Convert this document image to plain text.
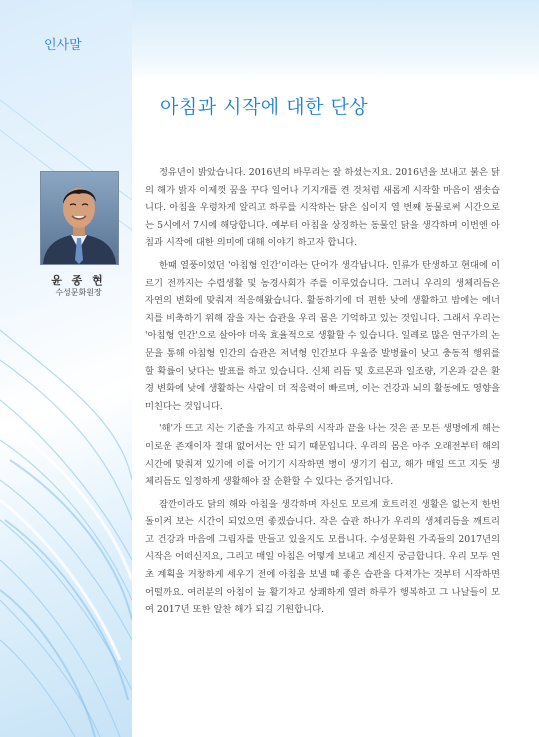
인사말
아침과 시작에 대한 단상
윤 종 현
수성문화원장

정유년이 밝았습니다. 2016년의 바무리는 잘 하셨는지요. 2016년을 보내고 붉은 닭의 해가 밝자 이제껏 꿈을 꾸다 일어나 기지개를 켠 것처럼 새롭게 시작할 마음이 샘솟습니다. 아침을 우렁차게 알리고 하루를 시작하는 닭은 십이지 열 번째 동물로써 시간으로는 5시에서 7시에 해당합니다. 예부터 아침을 상징하는 동물인 닭을 생각하며 이번엔 아침과 시작에 대한 의미에 대해 이야기 하고자 합니다.

한때 열풍이었던 '아침형 인간'이라는 단어가 생각납니다. 인류가 탄생하고 현대에 이르기 전까지는 수렵생활 및 농경사회가 주를 이루었습니다. 그러니 우리의 생체리듬은 자연의 변화에 맞춰져 적응해왔습니다. 활동하기에 더 편한 낮에 생활하고 밤에는 에너지를 비축하기 위해 잠을 자는 습관을 우리 몸은 기억하고 있는 것입니다. 그래서 우리는 '아침형 인간'으로 살아야 더욱 효율적으로 생활할 수 있습니다. 일례로 많은 연구가의 논문을 통해 아침형 인간의 습관은 저녁형 인간보다 우울증 발병률이 낮고 충동적 행위를 할 확률이 낮다는 발표를 하고 있습니다. 신체 리듬 및 호르몬과 일조량, 기온과 같은 환경 변화에 낮에 생활하는 사람이 더 적응력이 빠르며, 이는 건강과 뇌의 활동에도 영향을 미친다는 것입니다.

'해'가 뜨고 지는 기준을 가지고 하루의 시작과 끝을 나는 것은 곧 모든 생명에게 해는 이로운 존재이자 절대 없어서는 안 되기 때문입니다. 우리의 몸은 아주 오래전부터 해의 시간에 맞춰져 있기에 이를 어기기 시작하면 병이 생기기 쉽고, 해가 매일 뜨고 지듯 생체리듬도 일정하게 생활해야 잘 순환할 수 있다는 증거입니다.

잠깐이라도 닭의 해와 아침을 생각하며 자신도 모르게 흐트러진 생활은 없는지 한번 돌이켜 보는 시간이 되었으면 좋겠습니다. 작은 습관 하나가 우리의 생체리듬을 깨트리고 건강과 마음에 그림자를 만들고 있을지도 모릅니다. 수성문화원 가족들의 2017년의 시작은 어떠신지요, 그리고 매일 아침은 어떻게 보내고 계신지 궁금합니다. 우리 모두 연초 계획을 거창하게 세우기 전에 아침을 보낼 때 좋은 습관을 다져가는 것부터 시작하면 어떨까요. 여러분의 아침이 늘 활기차고 상쾌하게 열려 하루가 행복하고 그 나날들이 모여 2017년 또한 알찬 해가 되길 기원합니다.
